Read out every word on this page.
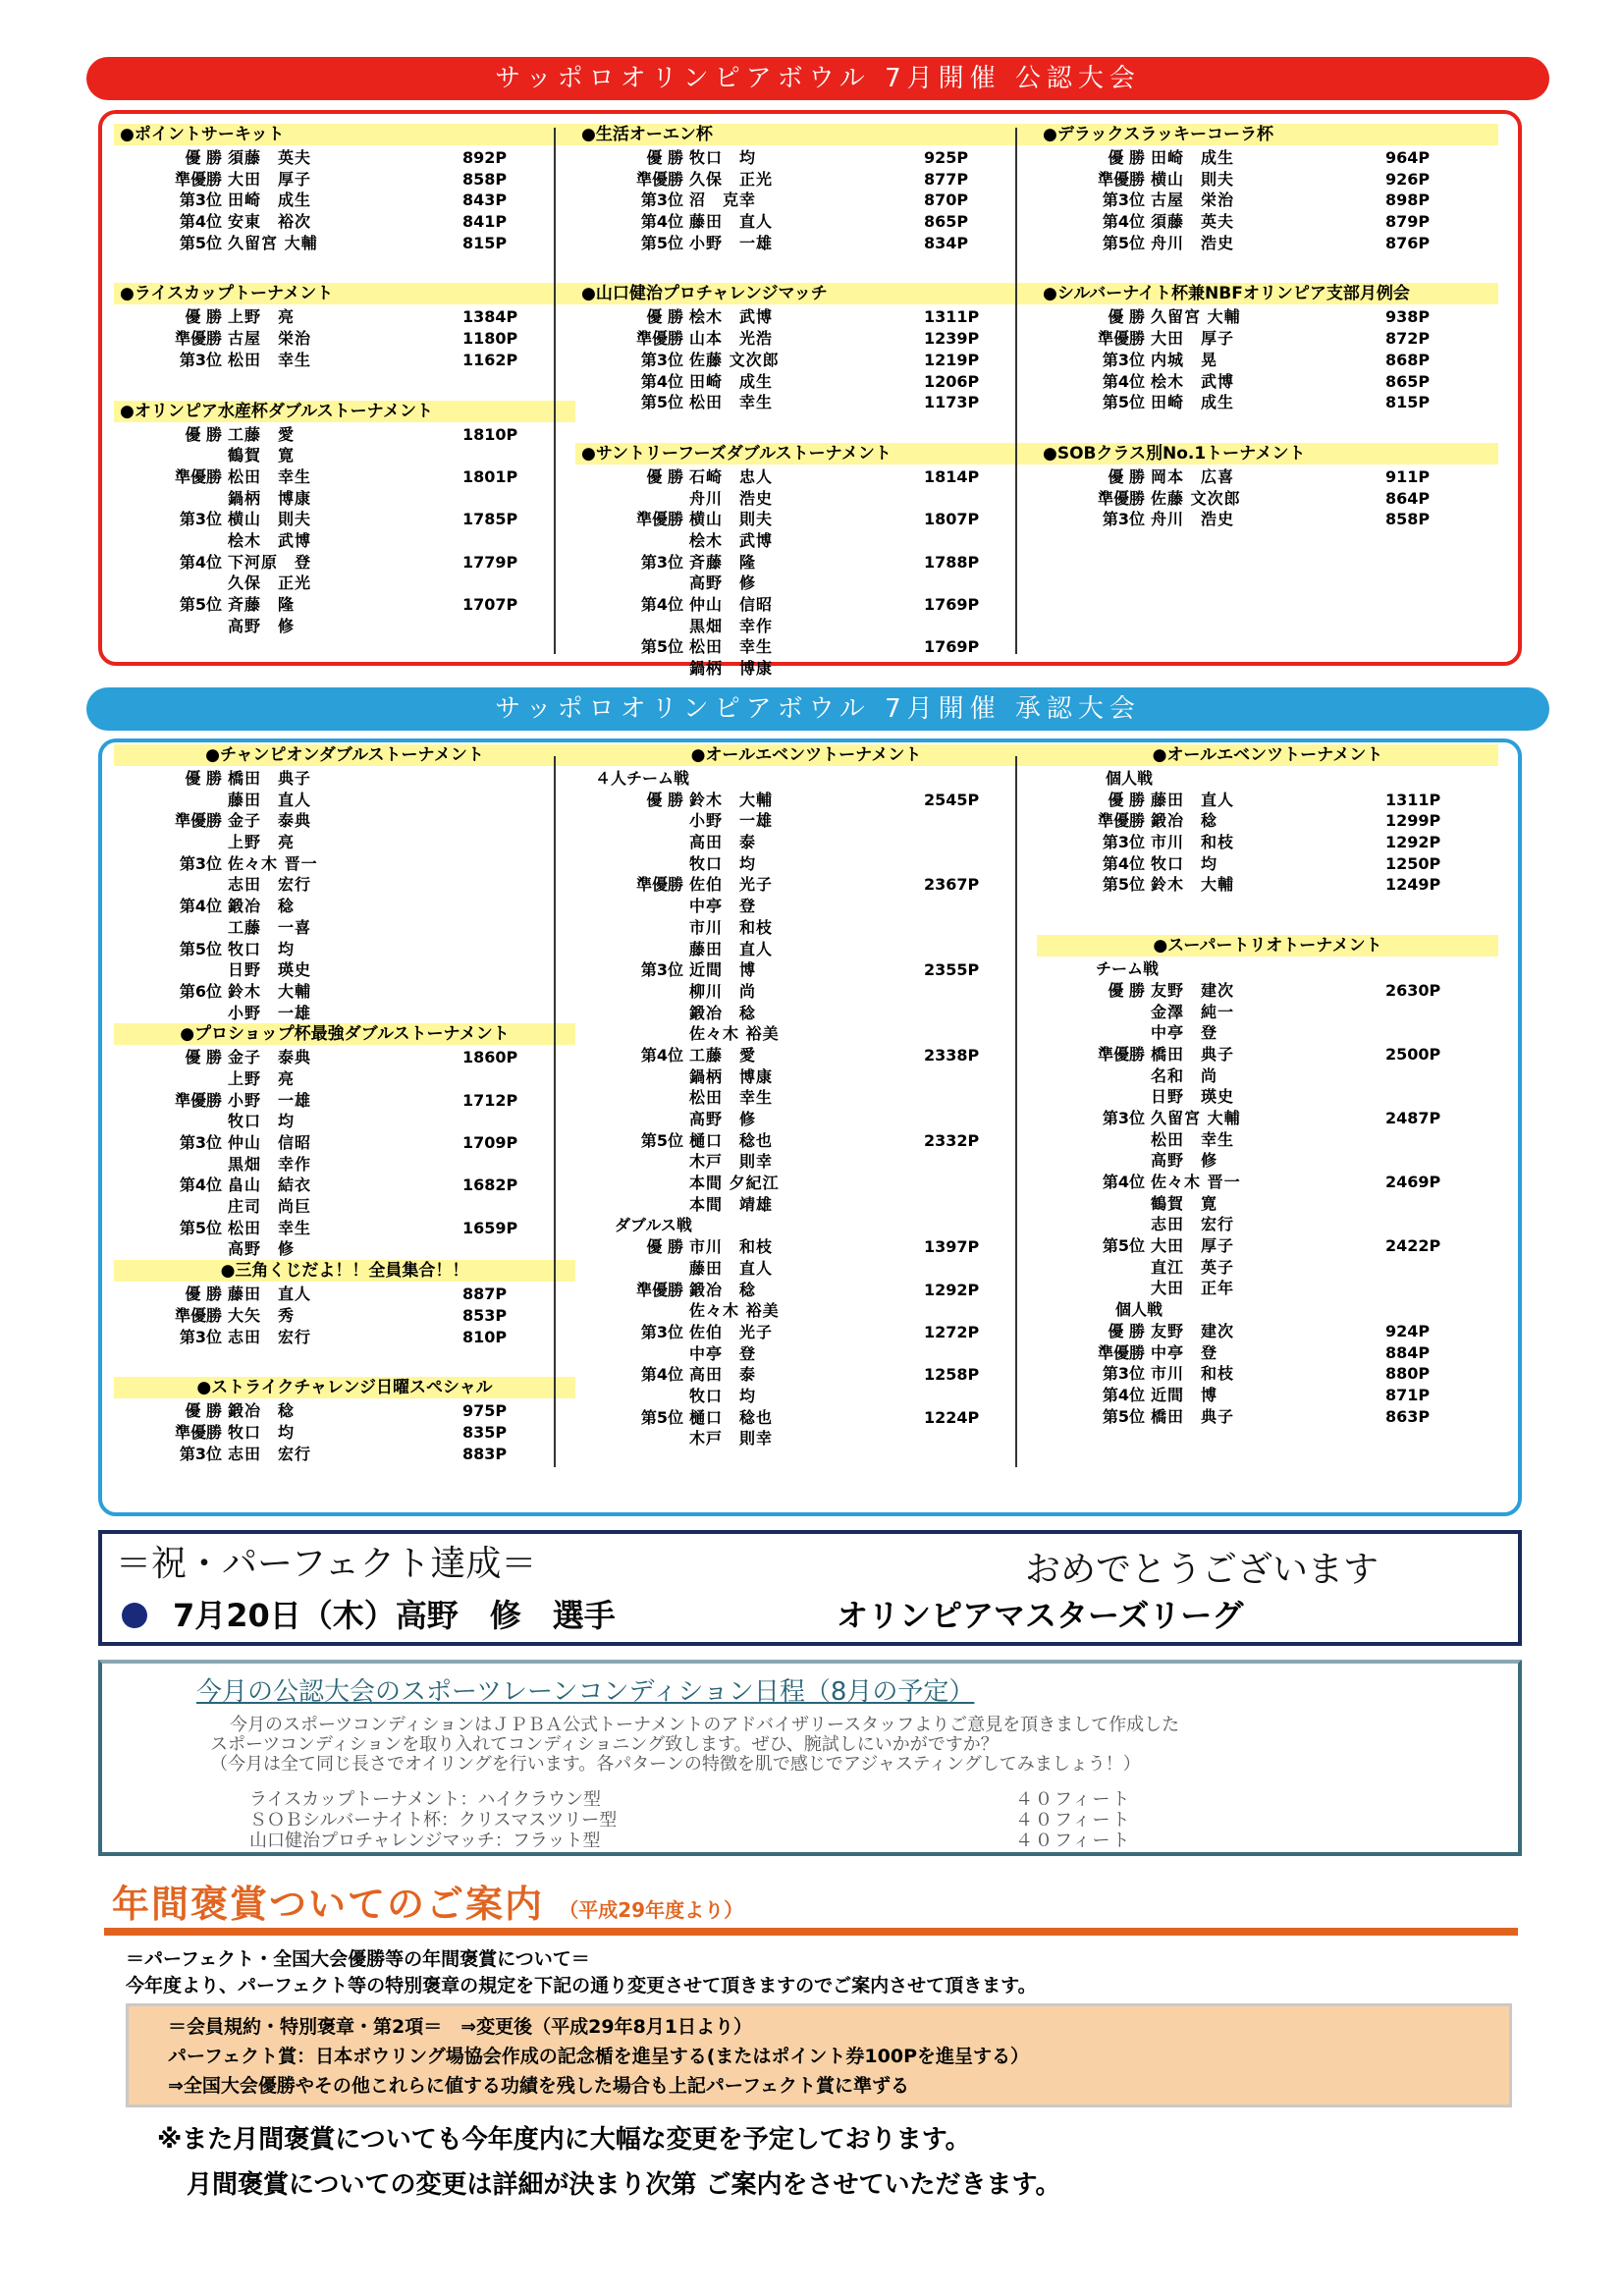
サッポロオリンピアボウル 7月開催 公認大会
●ポイントサーキット
優 勝 須藤　英夫	892P
準優勝 大田　厚子	858P
第3位 田崎　成生	843P
第4位 安東　裕次	841P
第5位 久留宮 大輔	815P
●ライスカップトーナメント
優 勝 上野　亮	1384P
準優勝 古屋　栄治	1180P
第3位 松田　幸生	1162P
●オリンピア水産杯ダブルストーナメント
優 勝 工藤　愛	1810P
鶴賀　寛
準優勝 松田　幸生	1801P
鍋柄　博康
第3位 横山　則夫	1785P
桧木　武博
第4位 下河原　登	1779P
久保　正光
第5位 斉藤　隆	1707P
高野　修
●生活オーエン杯
優 勝 牧口　均	925P
準優勝 久保　正光	877P
第3位 沼　克幸	870P
第4位 藤田　直人	865P
第5位 小野　一雄	834P
●山口健治プロチャレンジマッチ
優 勝 桧木　武博	1311P
準優勝 山本　光浩	1239P
第3位 佐藤 文次郎	1219P
第4位 田崎　成生	1206P
第5位 松田　幸生	1173P
●サントリーフーズダブルストーナメント
優 勝 石崎　忠人	1814P
舟川　浩史
準優勝 横山　則夫	1807P
桧木　武博
第3位 斉藤　隆	1788P
高野　修
第4位 仲山　信昭	1769P
黒畑　幸作
第5位 松田　幸生	1769P
鍋柄　博康
●デラックスラッキーコーラ杯
優 勝 田崎　成生	964P
準優勝 横山　則夫	926P
第3位 古屋　栄治	898P
第4位 須藤　英夫	879P
第5位 舟川　浩史	876P
●シルバーナイト杯兼NBFオリンピア支部月例会
優 勝 久留宮 大輔	938P
準優勝 大田　厚子	872P
第3位 内城　晃	868P
第4位 桧木　武博	865P
第5位 田崎　成生	815P
●SOBクラス別No.1トーナメント
優 勝 岡本　広喜	911P
準優勝 佐藤 文次郎	864P
第3位 舟川　浩史	858P
サッポロオリンピアボウル 7月開催 承認大会
●チャンピオンダブルストーナメント
優 勝 橋田　典子
藤田　直人
準優勝 金子　泰典
上野　亮
第3位 佐々木 晋一
志田　宏行
第4位 鍛冶　稔
工藤　一喜
第5位 牧口　均
日野　瑛史
第6位 鈴木　大輔
小野　一雄
●プロショップ杯最強ダブルストーナメント
優 勝 金子　泰典	1860P
上野　亮
準優勝 小野　一雄	1712P
牧口　均
第3位 仲山　信昭	1709P
黒畑　幸作
第4位 畠山　結衣	1682P
庄司　尚巨
第5位 松田　幸生	1659P
高野　修
●三角くじだよ！！全員集合！！
優 勝 藤田　直人	887P
準優勝 大矢　秀	853P
第3位 志田　宏行	810P
●ストライクチャレンジ日曜スペシャル
優 勝 鍛冶　稔	975P
準優勝 牧口　均	835P
第3位 志田　宏行	883P
●オールエベンツトーナメント
４人チーム戦
優 勝 鈴木　大輔	2545P
小野　一雄
高田　泰
牧口　均
準優勝 佐伯　光子	2367P
中亭　登
市川　和枝
藤田　直人
第3位 近間　博	2355P
柳川　尚
鍛冶　稔
佐々木 裕美
第4位 工藤　愛	2338P
鍋柄　博康
松田　幸生
高野　修
第5位 樋口　稔也	2332P
木戸　則幸
本間 夕紀江
本間　靖雄
ダブルス戦
優 勝 市川　和枝	1397P
藤田　直人
準優勝 鍛冶　稔	1292P
佐々木 裕美
第3位 佐伯　光子	1272P
中亭　登
第4位 高田　泰	1258P
牧口　均
第5位 樋口　稔也	1224P
木戸　則幸
●オールエベンツトーナメント
個人戦
優 勝 藤田　直人	1311P
準優勝 鍛冶　稔	1299P
第3位 市川　和枝	1292P
第4位 牧口　均	1250P
第5位 鈴木　大輔	1249P
●スーパートリオトーナメント
チーム戦
優 勝 友野　建次	2630P
金澤　純一
中亭　登
準優勝 橋田　典子	2500P
名和　尚
日野　瑛史
第3位 久留宮 大輔	2487P
松田　幸生
高野　修
第4位 佐々木 晋一	2469P
鶴賀　寛
志田　宏行
第5位 大田　厚子	2422P
直江　英子
大田　正年
個人戦
優 勝 友野　建次	924P
準優勝 中亭　登	884P
第3位 市川　和枝	880P
第4位 近間　博	871P
第5位 橋田　典子	863P
＝祝・パーフェクト達成＝	おめでとうございます
7月20日（木）高野　修　選手	オリンピアマスターズリーグ
今月の公認大会のスポーツレーンコンディション日程（8月の予定）
今月のスポーツコンディションはＪＰＢＡ公式トーナメントのアドバイザリースタッフよりご意見を頂きまして作成した
スポーツコンディションを取り入れてコンディショニング致します。ぜひ、腕試しにいかがですか？
（今月は全て同じ長さでオイリングを行います。各パターンの特徴を肌で感じでアジャスティングしてみましょう！）
ライスカップトーナメント：ハイクラウン型	４０フィート
ＳＯＢシルバーナイト杯：クリスマスツリー型	４０フィート
山口健治プロチャレンジマッチ：フラット型	４０フィート
年間褒賞ついてのご案内 （平成29年度より）
＝パーフェクト・全国大会優勝等の年間褒賞について＝
今年度より、パーフェクト等の特別褒章の規定を下記の通り変更させて頂きますのでご案内させて頂きます。
＝会員規約・特別褒章・第2項＝　⇒変更後（平成29年8月1日より）
パーフェクト賞：日本ボウリング場協会作成の記念楯を進呈する(またはポイント券100Pを進呈する）
⇒全国大会優勝やその他これらに値する功績を残した場合も上記パーフェクト賞に準ずる
※また月間褒賞についても今年度内に大幅な変更を予定しております。
月間褒賞についての変更は詳細が決まり次第 ご案内をさせていただきます。
